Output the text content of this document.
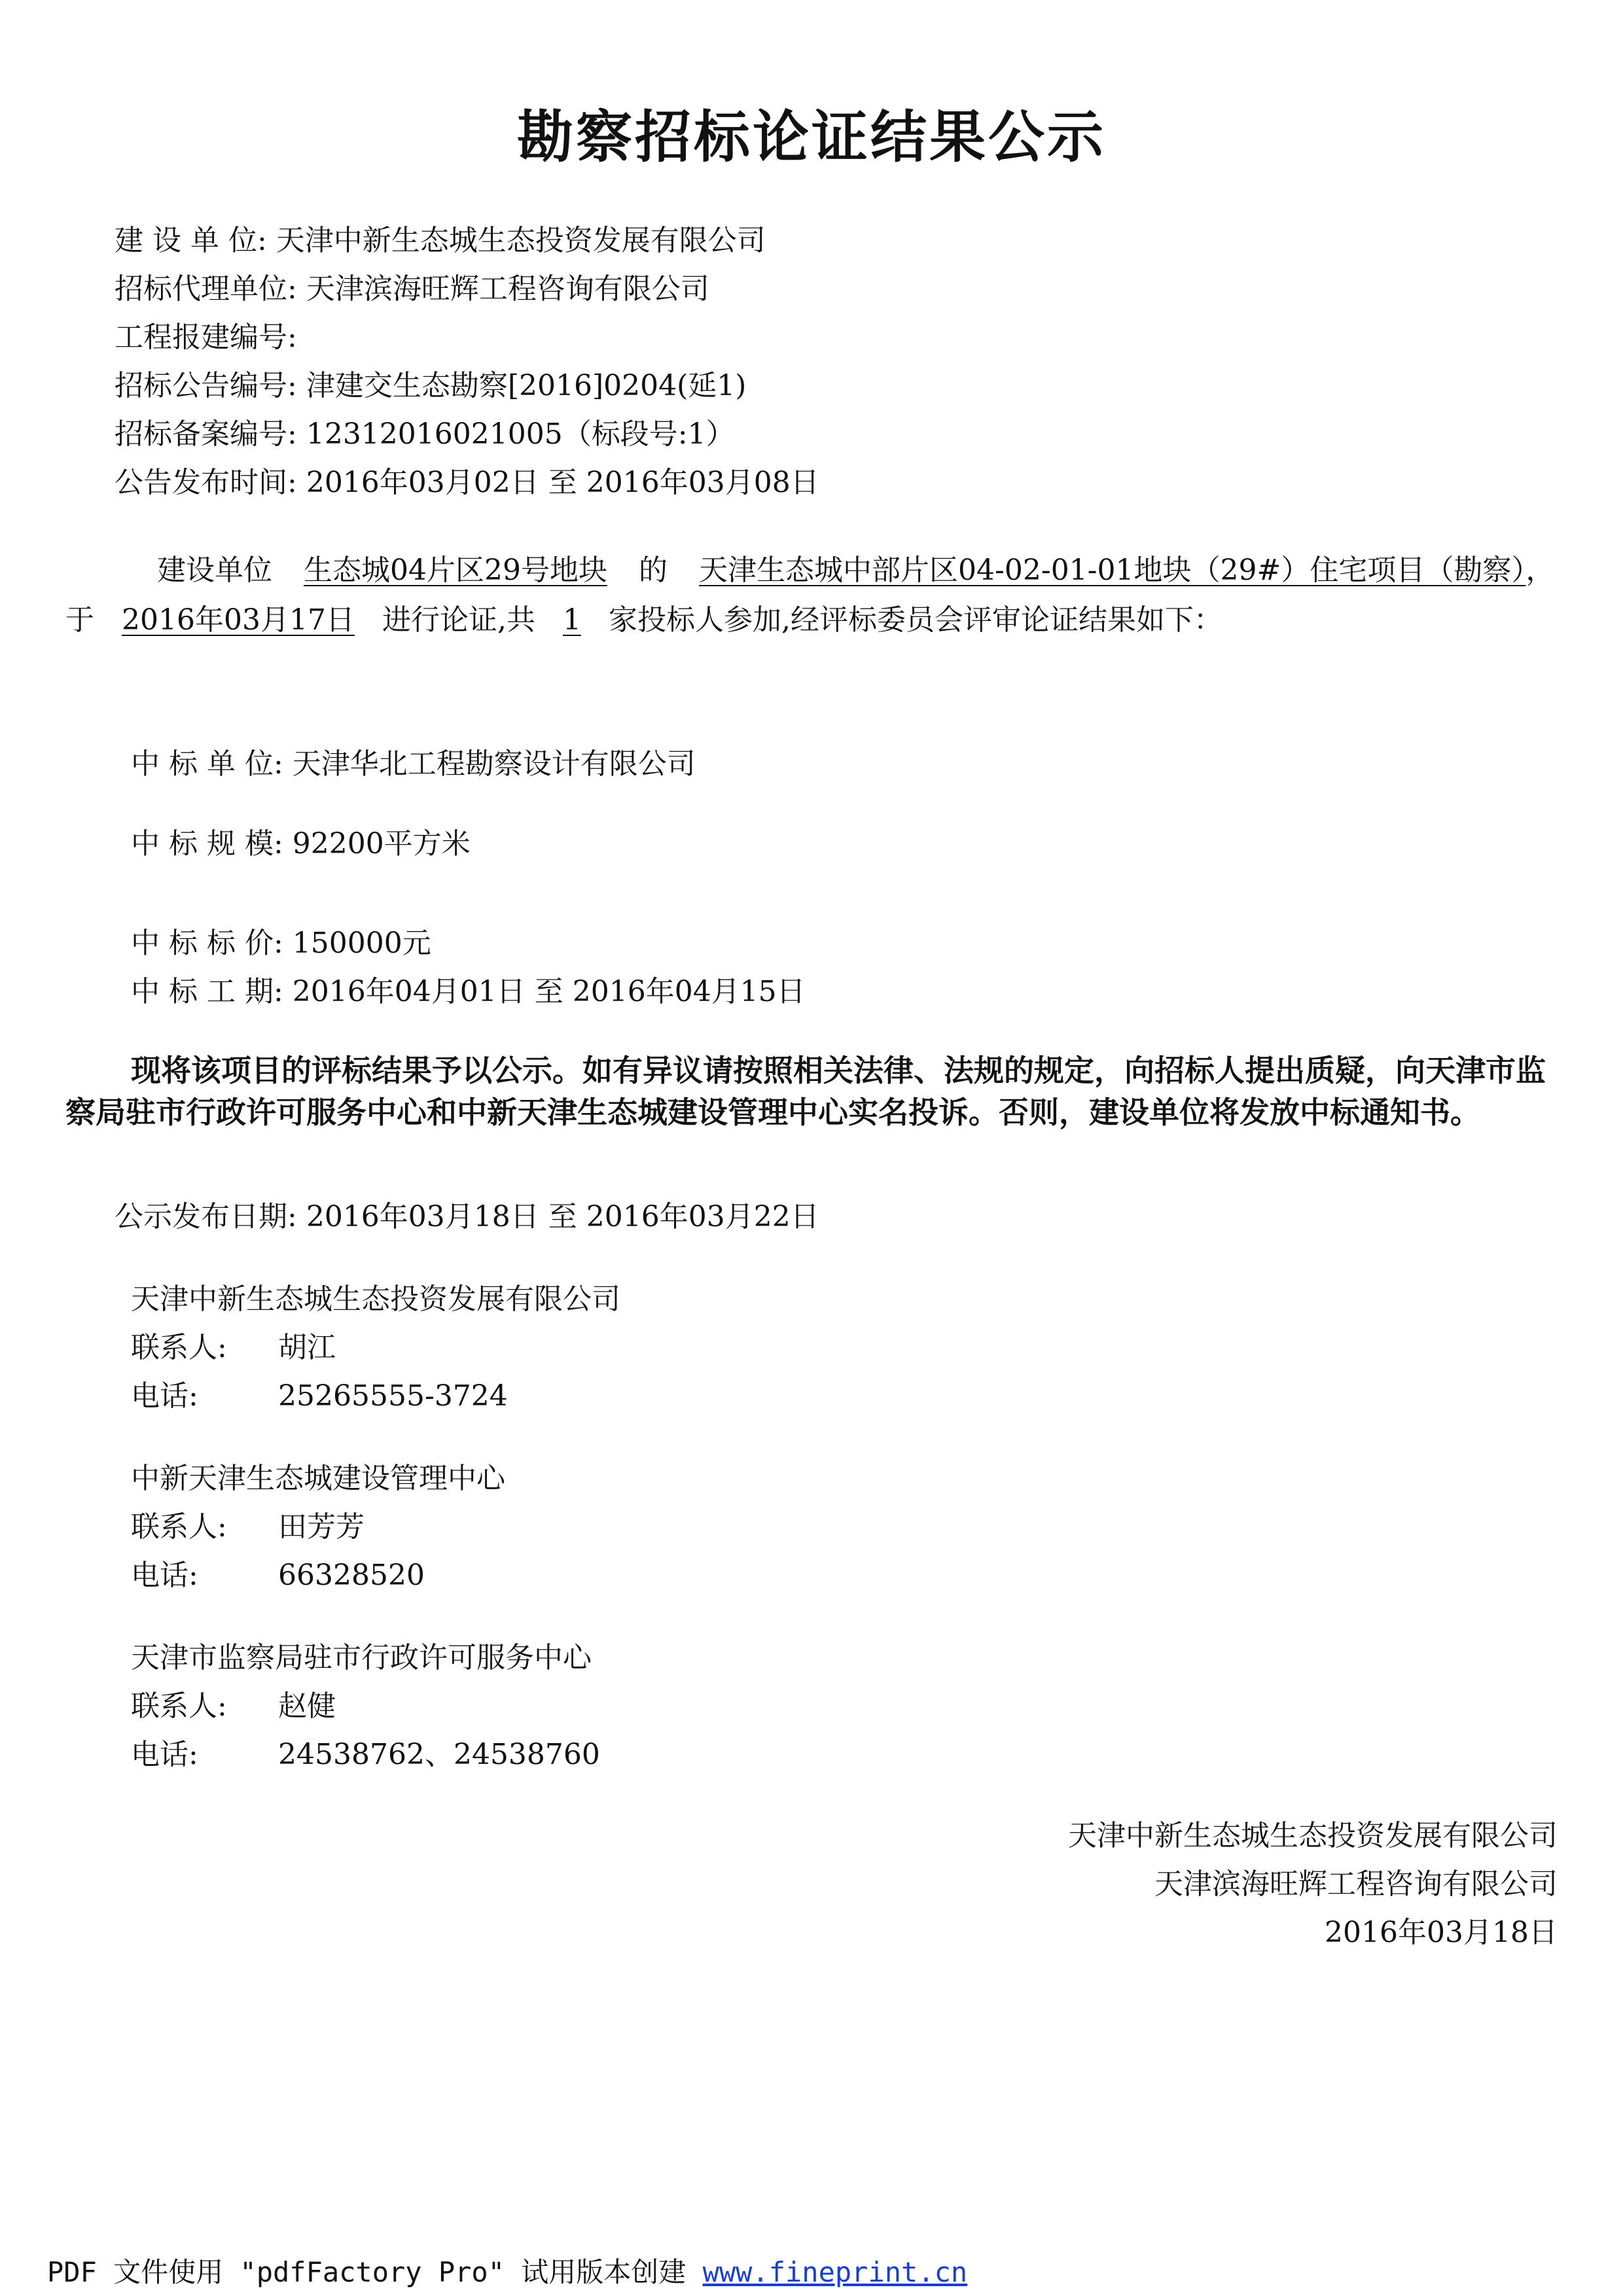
勘察招标论证结果公示
建 设 单 位: 天津中新生态城生态投资发展有限公司
招标代理单位: 天津滨海旺辉工程咨询有限公司
工程报建编号:
招标公告编号: 津建交生态勘察[2016]0204(延1)
招标备案编号: 12312016021005（标段号:1）
公告发布时间: 2016年03月02日 至 2016年03月08日
建设单位 生态城04片区29号地块 的 天津生态城中部片区04-02-01-01地块（29#）住宅项目（勘察），于 2016年03月17日 进行论证,共 1 家投标人参加,经评标委员会评审论证结果如下：
中 标 单 位: 天津华北工程勘察设计有限公司
中 标 规 模: 92200平方米
中 标 标 价: 150000元
中 标 工 期: 2016年04月01日 至 2016年04月15日
现将该项目的评标结果予以公示。如有异议请按照相关法律、法规的规定，向招标人提出质疑，向天津市监察局驻市行政许可服务中心和中新天津生态城建设管理中心实名投诉。否则，建设单位将发放中标通知书。
公示发布日期: 2016年03月18日 至 2016年03月22日
天津中新生态城生态投资发展有限公司
联系人: 胡江
电话:	25265555-3724
中新天津生态城建设管理中心
联系人: 田芳芳
电话:	66328520
天津市监察局驻市行政许可服务中心
联系人: 赵健
电话:	24538762、24538760
天津中新生态城生态投资发展有限公司
天津滨海旺辉工程咨询有限公司
2016年03月18日
PDF 文件使用 "pdfFactory Pro" 试用版本创建 www.fineprint.cn
